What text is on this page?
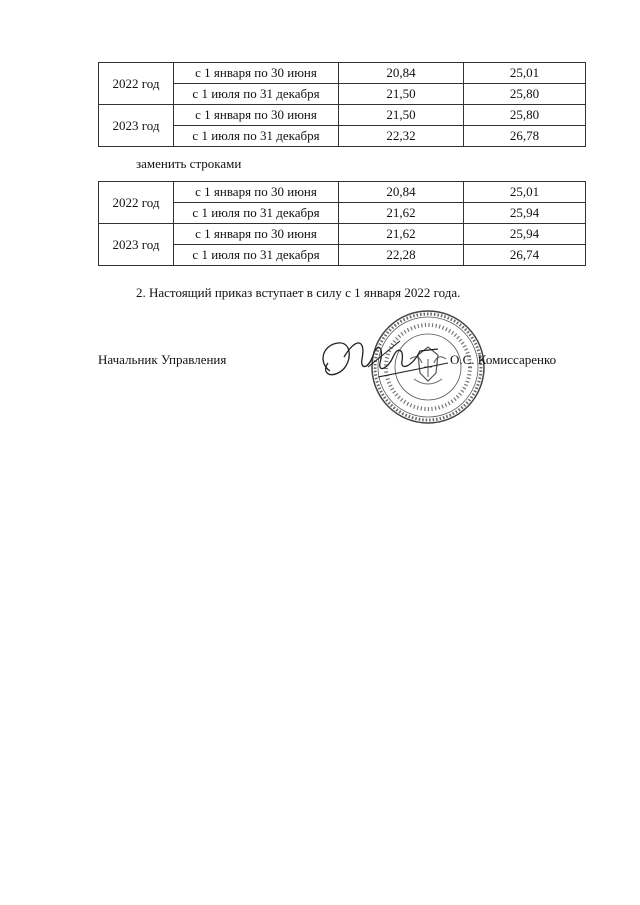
2022 год	с 1 января по 30 июня	20,84	25,01
	с 1 июля по 31 декабря	21,50	25,80
2023 год	с 1 января по 30 июня	21,50	25,80
	с 1 июля по 31 декабря	22,32	26,78
заменить строками
2022 год	с 1 января по 30 июня	20,84	25,01
	с 1 июля по 31 декабря	21,62	25,94
2023 год	с 1 января по 30 июня	21,62	25,94
	с 1 июля по 31 декабря	22,28	26,74
2. Настоящий приказ вступает в силу с 1 января 2022 года.
Начальник Управления	О.С. Комиссаренко
